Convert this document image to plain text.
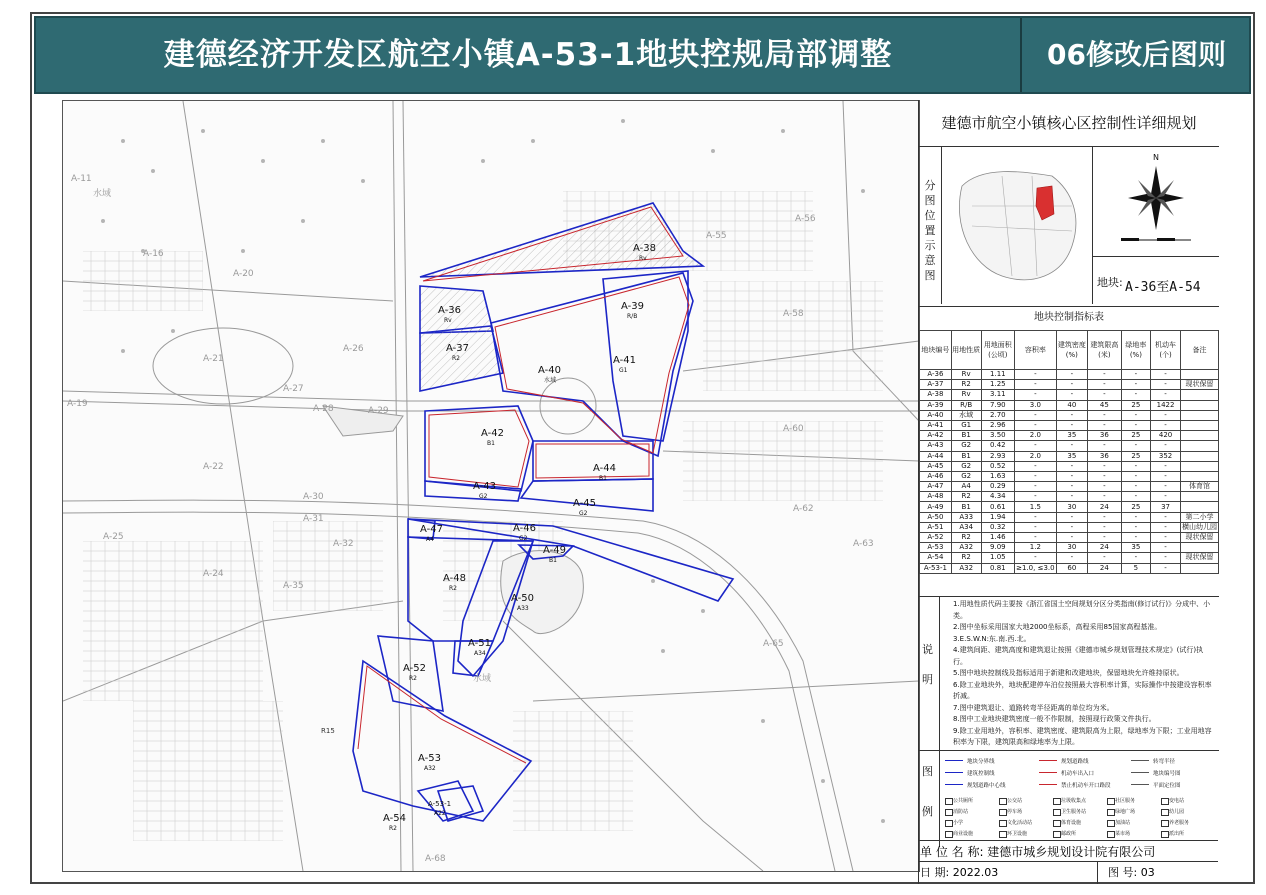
建德经济开发区航空小镇A-53-1地块控规局部调整	06修改后图则
A-36
Rv
A-37
R2
A-38
Rv
A-39
R/B
A-40
水域
A-41
G1
A-42
B1
A-43
G2
A-44
B1
A-45
G2
A-46
G2
A-47
A4
A-48
R2
A-49
B1
A-50
A33
A-51
A34
A-52
R2
A-53
A32
A-53-1
A22
A-54
R2
A-11
水域
A-16
A-20
A-21
A-19
A-22
A-26
A-27
A-28	A-29
A-30
A-31
A-32
A-35
A-24
A-25
A-55
A-56
A-58
A-60
A-62
A-63
A-65
A-68
水域
R15
建德市航空小镇核心区控制性详细规划
分图位置示意图
N
地块: A-36至A-54
地块控制指标表
地块编号	用地性质	用地面积(公顷)	容积率	建筑密度(%)	建筑限高(米)	绿地率(%)	机动车(个)	备注
A-36	Rv	1.11	-	-	-	-	-	
A-37	R2	1.25	-	-	-	-	-	现状保留
A-38	Rv	3.11	-	-	-	-	-	
A-39	R/B	7.90	3.0	40	45	25	1422	
A-40	水域	2.70	-	-	-	-	-	
A-41	G1	2.96	-	-	-	-	-	
A-42	B1	3.50	2.0	35	36	25	420	
A-43	G2	0.42	-	-	-	-	-	
A-44	B1	2.93	2.0	35	36	25	352	
A-45	G2	0.52	-	-	-	-	-	
A-46	G2	1.63	-	-	-	-	-	
A-47	A4	0.29	-	-	-	-	-	体育馆
A-48	R2	4.34	-	-	-	-	-	
A-49	B1	0.61	1.5	30	24	25	37	
A-50	A33	1.94	-	-	-	-	-	第二小学
A-51	A34	0.32	-	-	-	-	-	横山幼儿园
A-52	R2	1.46	-	-	-	-	-	现状保留
A-53	A32	9.09	1.2	30	24	35	-	
A-54	R2	1.05	-	-	-	-	-	现状保留
A-53-1	A32	0.81	≥1.0, ≤3.0	60	24	5	-	
说
明
1.用地性质代码主要按《浙江省国土空间规划分区分类指南(修订试行)》分成中、小类。
2.图中坐标采用国家大地2000坐标系，高程采用85国家高程基准。
3.E.S.W.N:东.南.西.北。
4.建筑间距、建筑高度和建筑退让按照《建德市城乡规划管理技术规定》(试行)执行。
5.图中地块控制线及指标适用于新建和改建地块，保留地块允许维持原状。
6.除工业地块外，地块配建停车泊位按照最大容积率计算，实际操作中按建设容积率折减。
7.图中建筑退让、道路转弯半径距离的单位均为米。
8.图中工业地块建筑密度一般不作限制，按照现行政策文件执行。
9.除工业用地外，容积率、建筑密度、建筑限高为上限，绿地率为下限；工业用地容积率为下限，建筑限高和绿地率为上限。
图
例
地块分界线	规划道路线	转弯半径
建筑控制线	机动车出入口	地块编号图
规划道路中心线	禁止机动车开口路段	平面定位图
公共厕所	公交站	垃圾收集点	社区服务	变电站
消防站	停车场	卫生服务站	绿地广场	幼儿园
小学	文化活动站	体育设施	加油站	养老服务
商业设施	环卫设施	邮政所	菜市场	派出所
单 位 名 称: 建德市城乡规划设计院有限公司
日 期: 2022.03	图 号: 03
